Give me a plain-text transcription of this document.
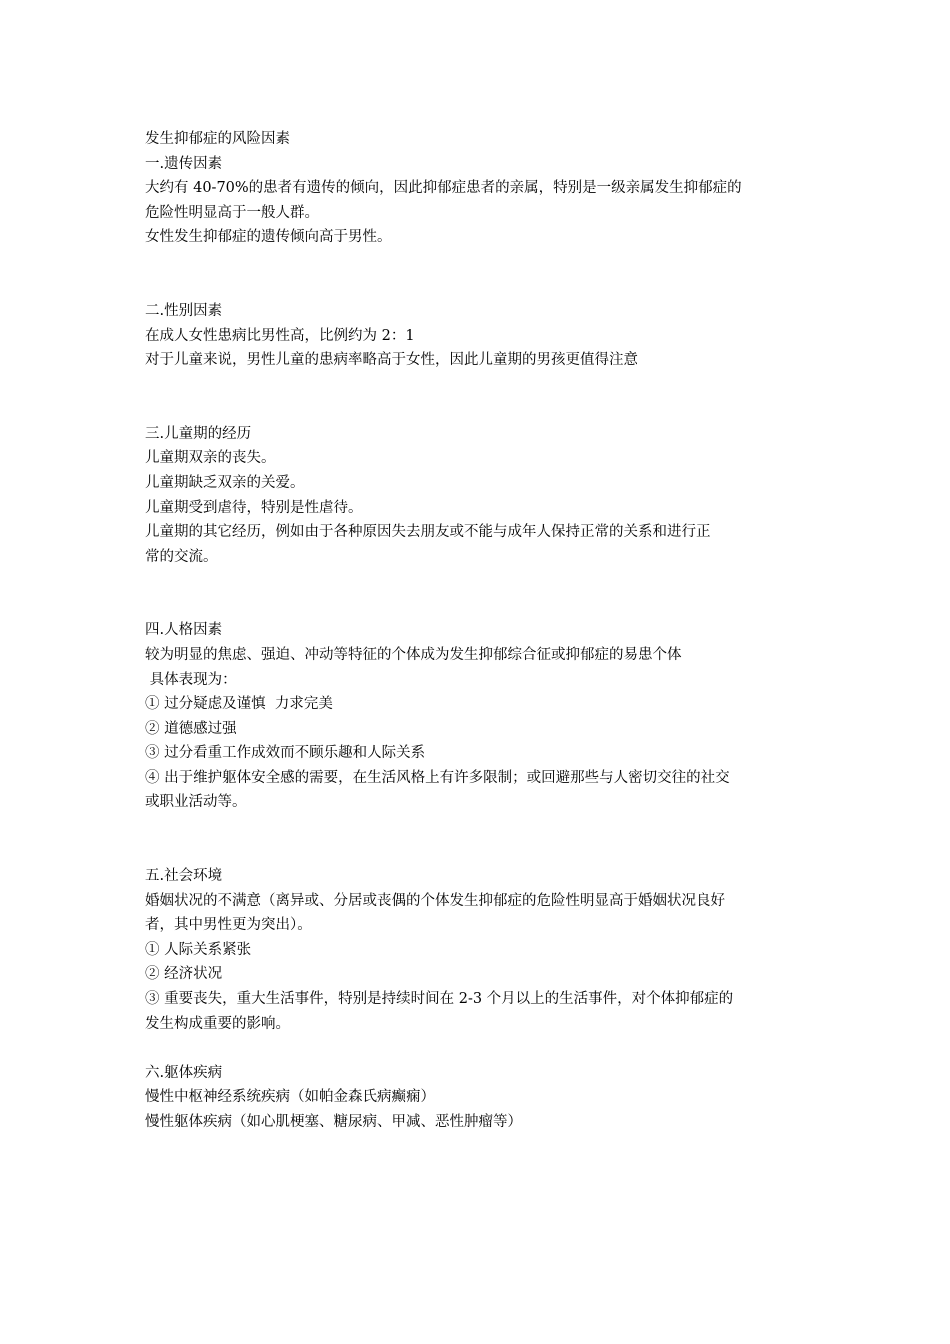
发生抑郁症的风险因素

一.遗传因素

大约有 40-70%的患者有遗传的倾向，因此抑郁症患者的亲属，特别是一级亲属发生抑郁症的

危险性明显高于一般人群。

女性发生抑郁症的遗传倾向高于男性。

二.性别因素

在成人女性患病比男性高，比例约为 2：1

对于儿童来说，男性儿童的患病率略高于女性，因此儿童期的男孩更值得注意

三.儿童期的经历

儿童期双亲的丧失。

儿童期缺乏双亲的关爱。

儿童期受到虐待，特别是性虐待。

儿童期的其它经历，例如由于各种原因失去朋友或不能与成年人保持正常的关系和进行正

常的交流。

四.人格因素

较为明显的焦虑、强迫、冲动等特征的个体成为发生抑郁综合征或抑郁症的易患个体

具体表现为：

① 过分疑虑及谨慎  力求完美

② 道德感过强

③ 过分看重工作成效而不顾乐趣和人际关系

④ 出于维护躯体安全感的需要，在生活风格上有许多限制；或回避那些与人密切交往的社交

或职业活动等。

五.社会环境

婚姻状况的不满意（离异或、分居或丧偶的个体发生抑郁症的危险性明显高于婚姻状况良好

者，其中男性更为突出）。

① 人际关系紧张

② 经济状况

③ 重要丧失，重大生活事件，特别是持续时间在 2-3 个月以上的生活事件，对个体抑郁症的

发生构成重要的影响。

六.躯体疾病

慢性中枢神经系统疾病（如帕金森氏病癫痫）

慢性躯体疾病（如心肌梗塞、糖尿病、甲减、恶性肿瘤等）
